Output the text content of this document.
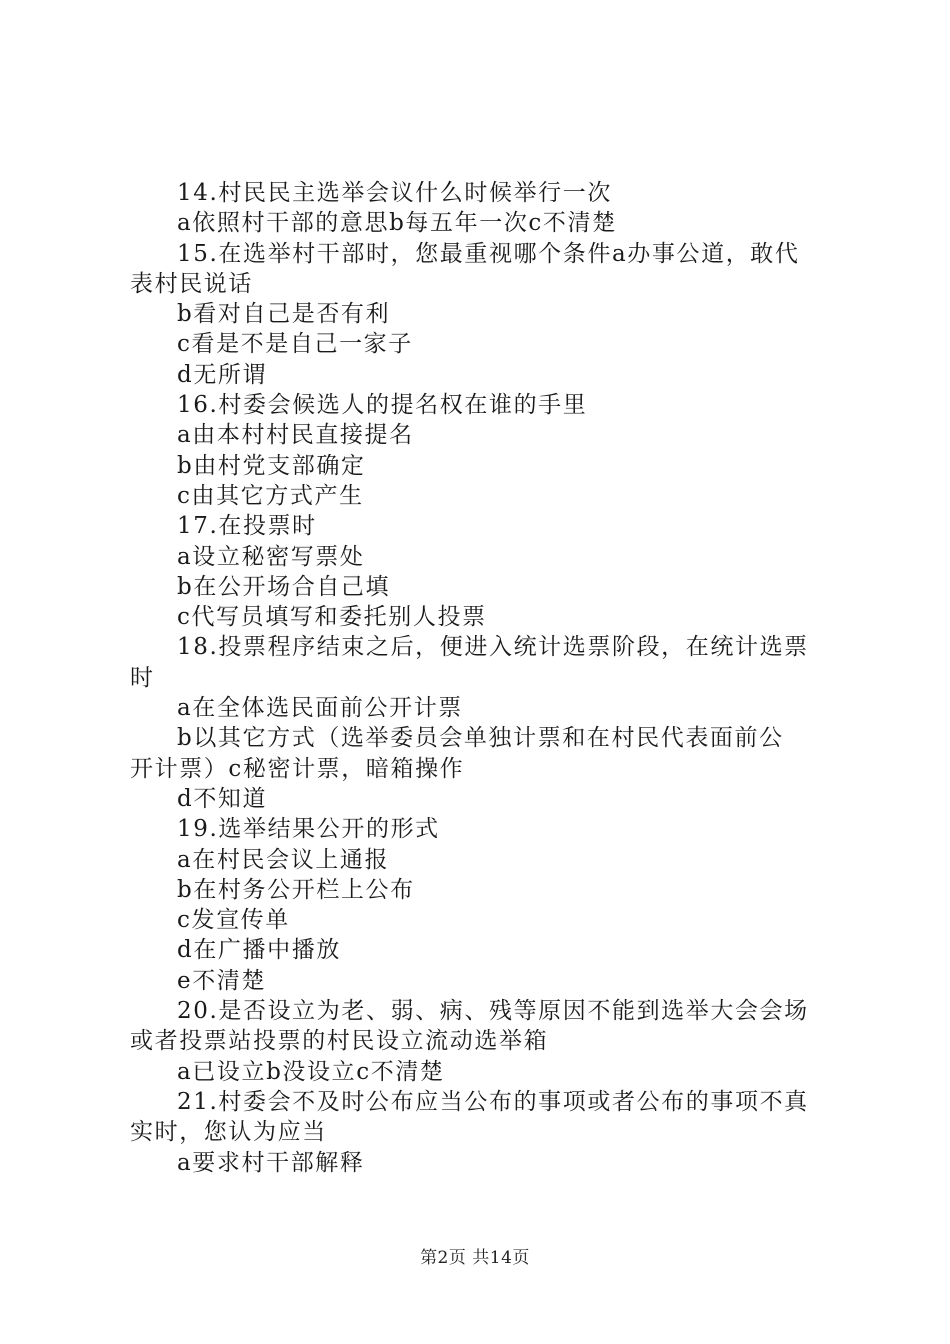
14.村民民主选举会议什么时候举行一次
a依照村干部的意思b每五年一次c不清楚
15.在选举村干部时，您最重视哪个条件a办事公道，敢代
表村民说话
b看对自己是否有利
c看是不是自己一家子
d无所谓
16.村委会候选人的提名权在谁的手里
a由本村村民直接提名
b由村党支部确定
c由其它方式产生
17.在投票时
a设立秘密写票处
b在公开场合自己填
c代写员填写和委托别人投票
18.投票程序结束之后，便进入统计选票阶段，在统计选票
时
a在全体选民面前公开计票
b以其它方式（选举委员会单独计票和在村民代表面前公
开计票）c秘密计票，暗箱操作
d不知道
19.选举结果公开的形式
a在村民会议上通报
b在村务公开栏上公布
c发宣传单
d在广播中播放
e不清楚
20.是否设立为老、弱、病、残等原因不能到选举大会会场
或者投票站投票的村民设立流动选举箱
a已设立b没设立c不清楚
21.村委会不及时公布应当公布的事项或者公布的事项不真
实时，您认为应当
a要求村干部解释
第2页 共14页
